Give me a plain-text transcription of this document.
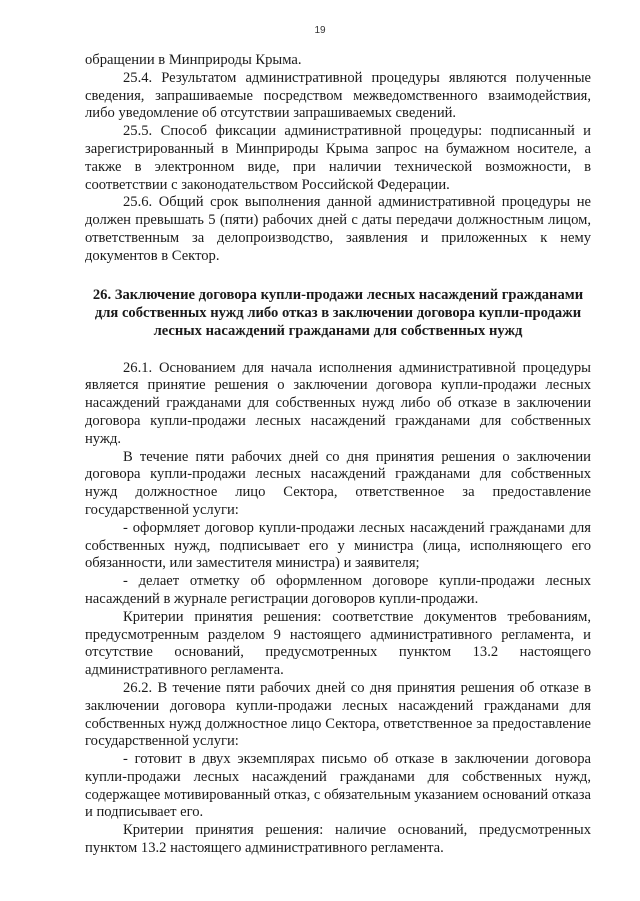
19

обращении в Минприроды Крыма.

25.4. Результатом административной процедуры являются полученные сведения, запрашиваемые посредством межведомственного взаимодействия, либо уведомление об отсутствии запрашиваемых сведений.

25.5. Способ фиксации административной процедуры: подписанный и зарегистрированный в Минприроды Крыма запрос на бумажном носителе, а также в электронном виде, при наличии технической возможности, в соответствии с законодательством Российской Федерации.

25.6. Общий срок выполнения данной административной процедуры не должен превышать 5 (пяти) рабочих дней с даты передачи должностным лицом, ответственным за делопроизводство, заявления и приложенных к нему документов в Сектор.

26. Заключение договора купли-продажи лесных насаждений гражданами для собственных нужд либо отказ в заключении договора купли-продажи лесных насаждений гражданами для собственных нужд

26.1. Основанием для начала исполнения административной процедуры является принятие решения о заключении договора купли-продажи лесных насаждений гражданами для собственных нужд либо об отказе в заключении договора купли-продажи лесных насаждений гражданами для собственных нужд.

В течение пяти рабочих дней со дня принятия решения о заключении договора купли-продажи лесных насаждений гражданами для собственных нужд должностное лицо Сектора, ответственное за предоставление государственной услуги:

- оформляет договор купли-продажи лесных насаждений гражданами для собственных нужд, подписывает его у министра (лица, исполняющего его обязанности, или заместителя министра) и заявителя;

- делает отметку об оформленном договоре купли-продажи лесных насаждений в журнале регистрации договоров купли-продажи.

Критерии принятия решения: соответствие документов требованиям, предусмотренным разделом 9 настоящего административного регламента, и отсутствие оснований, предусмотренных пунктом 13.2 настоящего административного регламента.

26.2. В течение пяти рабочих дней со дня принятия решения об отказе в заключении договора купли-продажи лесных насаждений гражданами для собственных нужд должностное лицо Сектора, ответственное за предоставление государственной услуги:

- готовит в двух экземплярах письмо об отказе в заключении договора купли-продажи лесных насаждений гражданами для собственных нужд, содержащее мотивированный отказ, с обязательным указанием оснований отказа и подписывает его.

Критерии принятия решения: наличие оснований, предусмотренных пунктом 13.2 настоящего административного регламента.
